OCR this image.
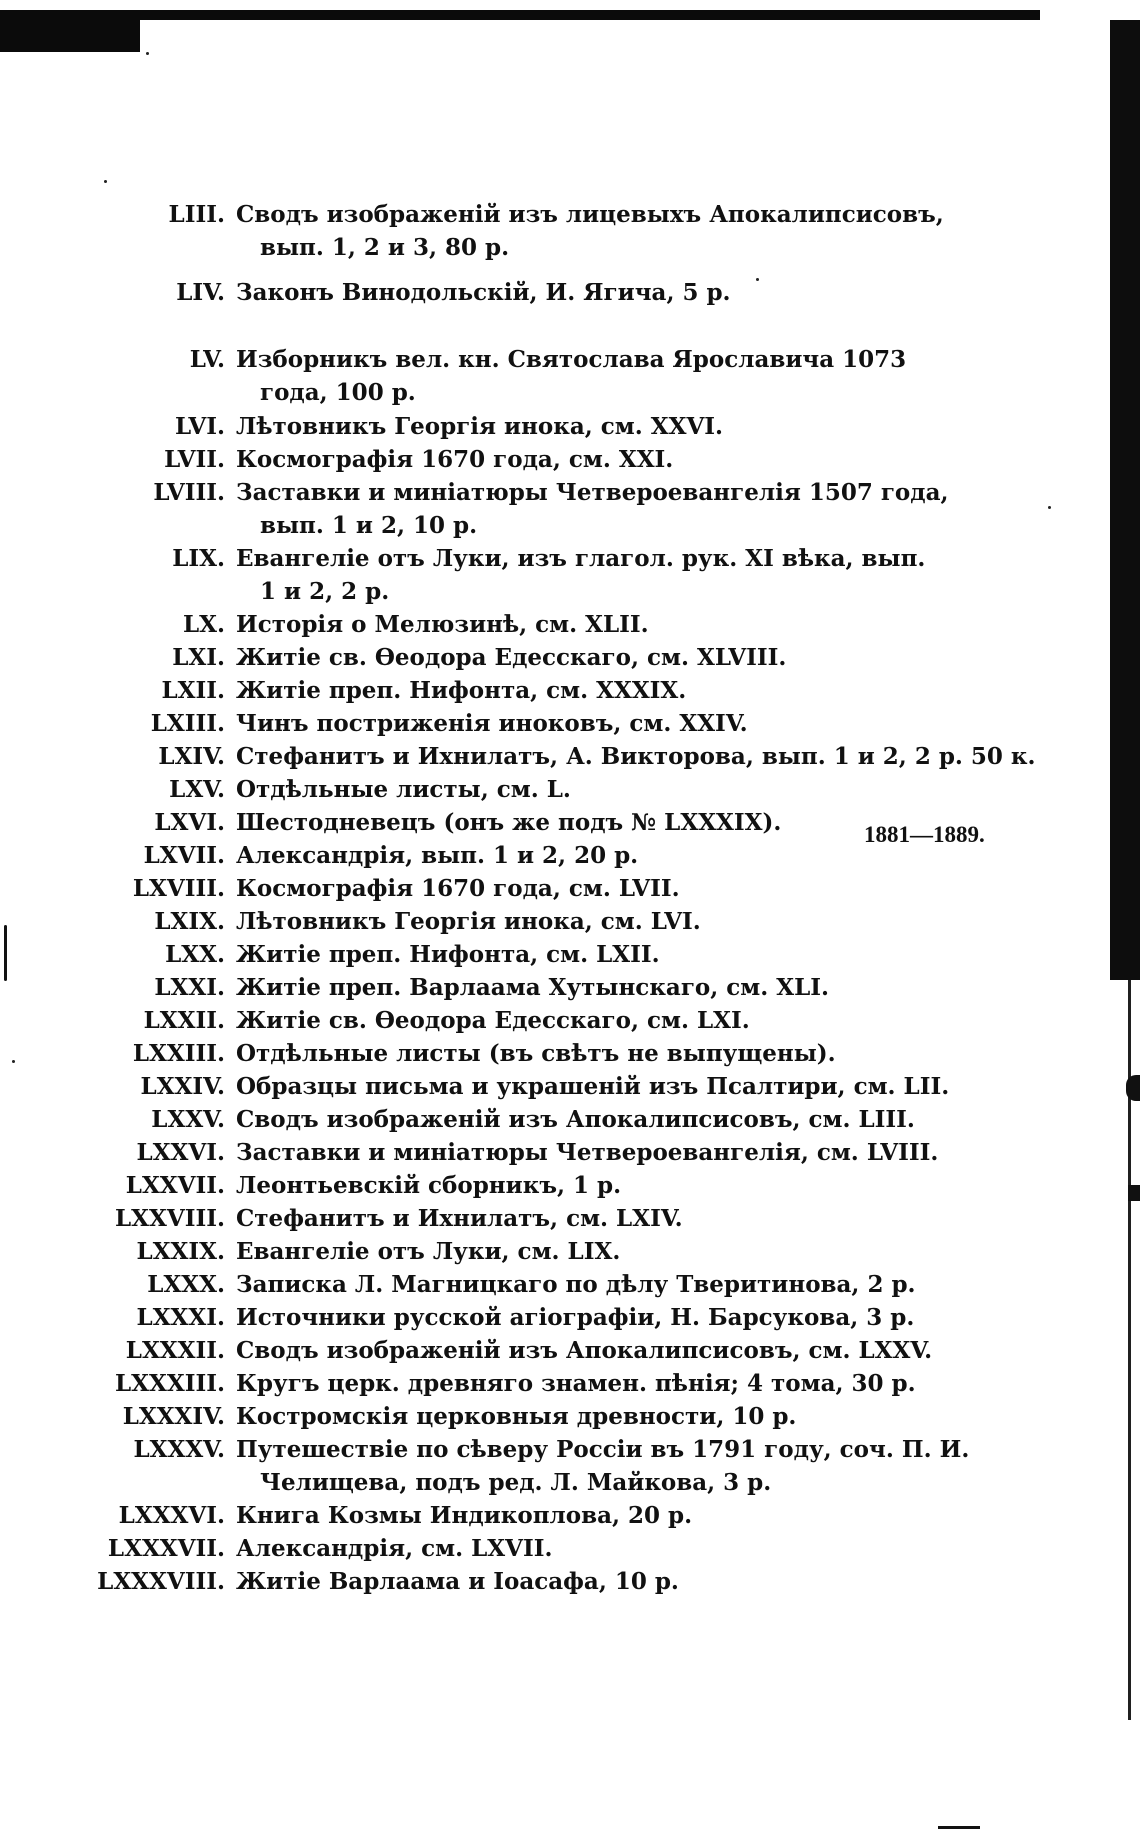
LIII. Сводъ изображеній изъ лицевыхъ Апокалипсисовъ,
вып. 1, 2 и 3, 80 р.
LIV. Законъ Винодольскій, И. Ягича, 5 р.
LV. Изборникъ вел. кн. Святослава Ярославича 1073
года, 100 р.
LVI. Лѣтовникъ Георгія инока, см. XXVI.
LVII. Космографія 1670 года, см. XXI.
LVIII. Заставки и миніатюры Четвероевангелія 1507 года,
вып. 1 и 2, 10 р.
LIX. Евангеліе отъ Луки, изъ глагол. рук. XI вѣка, вып.
1 и 2, 2 р.
LX. Исторія о Мелюзинѣ, см. XLII.
LXI. Житіе св. Ѳеодора Едесскаго, см. XLVIII.
LXII. Житіе преп. Нифонта, см. XXXIX.
LXIII. Чинъ постриженія иноковъ, см. XXIV.
LXIV. Стефанитъ и Ихнилатъ, А. Викторова, вып. 1 и 2, 2 р. 50 к.
LXV. Отдѣльные листы, см. L.
LXVI. Шестодневецъ (онъ же подъ № LXXXIX).
LXVII. Александрія, вып. 1 и 2, 20 р.
LXVIII. Космографія 1670 года, см. LVII.
LXIX. Лѣтовникъ Георгія инока, см. LVI.
LXX. Житіе преп. Нифонта, см. LXII.
LXXI. Житіе преп. Варлаама Хутынскаго, см. XLI.
LXXII. Житіе св. Ѳеодора Едесскаго, см. LXI.
LXXIII. Отдѣльные листы (въ свѣтъ не выпущены).
LXXIV. Образцы письма и украшеній изъ Псалтири, см. LII.
LXXV. Сводъ изображеній изъ Апокалипсисовъ, см. LIII.
LXXVI. Заставки и миніатюры Четвероевангелія, см. LVIII.
LXXVII. Леонтьевскій сборникъ, 1 р.
LXXVIII. Стефанитъ и Ихнилатъ, см. LXIV.
LXXIX. Евангеліе отъ Луки, см. LIX.
LXXX. Записка Л. Магницкаго по дѣлу Тверитинова, 2 р.
LXXXI. Источники русской агіографіи, Н. Барсукова, 3 р.
LXXXII. Сводъ изображеній изъ Апокалипсисовъ, см. LXXV.
LXXXIII. Кругъ церк. древняго знамен. пѣнія; 4 тома, 30 р.
LXXXIV. Костромскія церковныя древности, 10 р.
LXXXV. Путешествіе по сѣверу Россіи въ 1791 году, соч. П. И.
Челищева, подъ ред. Л. Майкова, 3 р.
LXXXVI. Книга Козмы Индикоплова, 20 р.
LXXXVII. Александрія, см. LXVII.
LXXXVIII. Житіе Варлаама и Іоасафа, 10 р.
1881—1889.
